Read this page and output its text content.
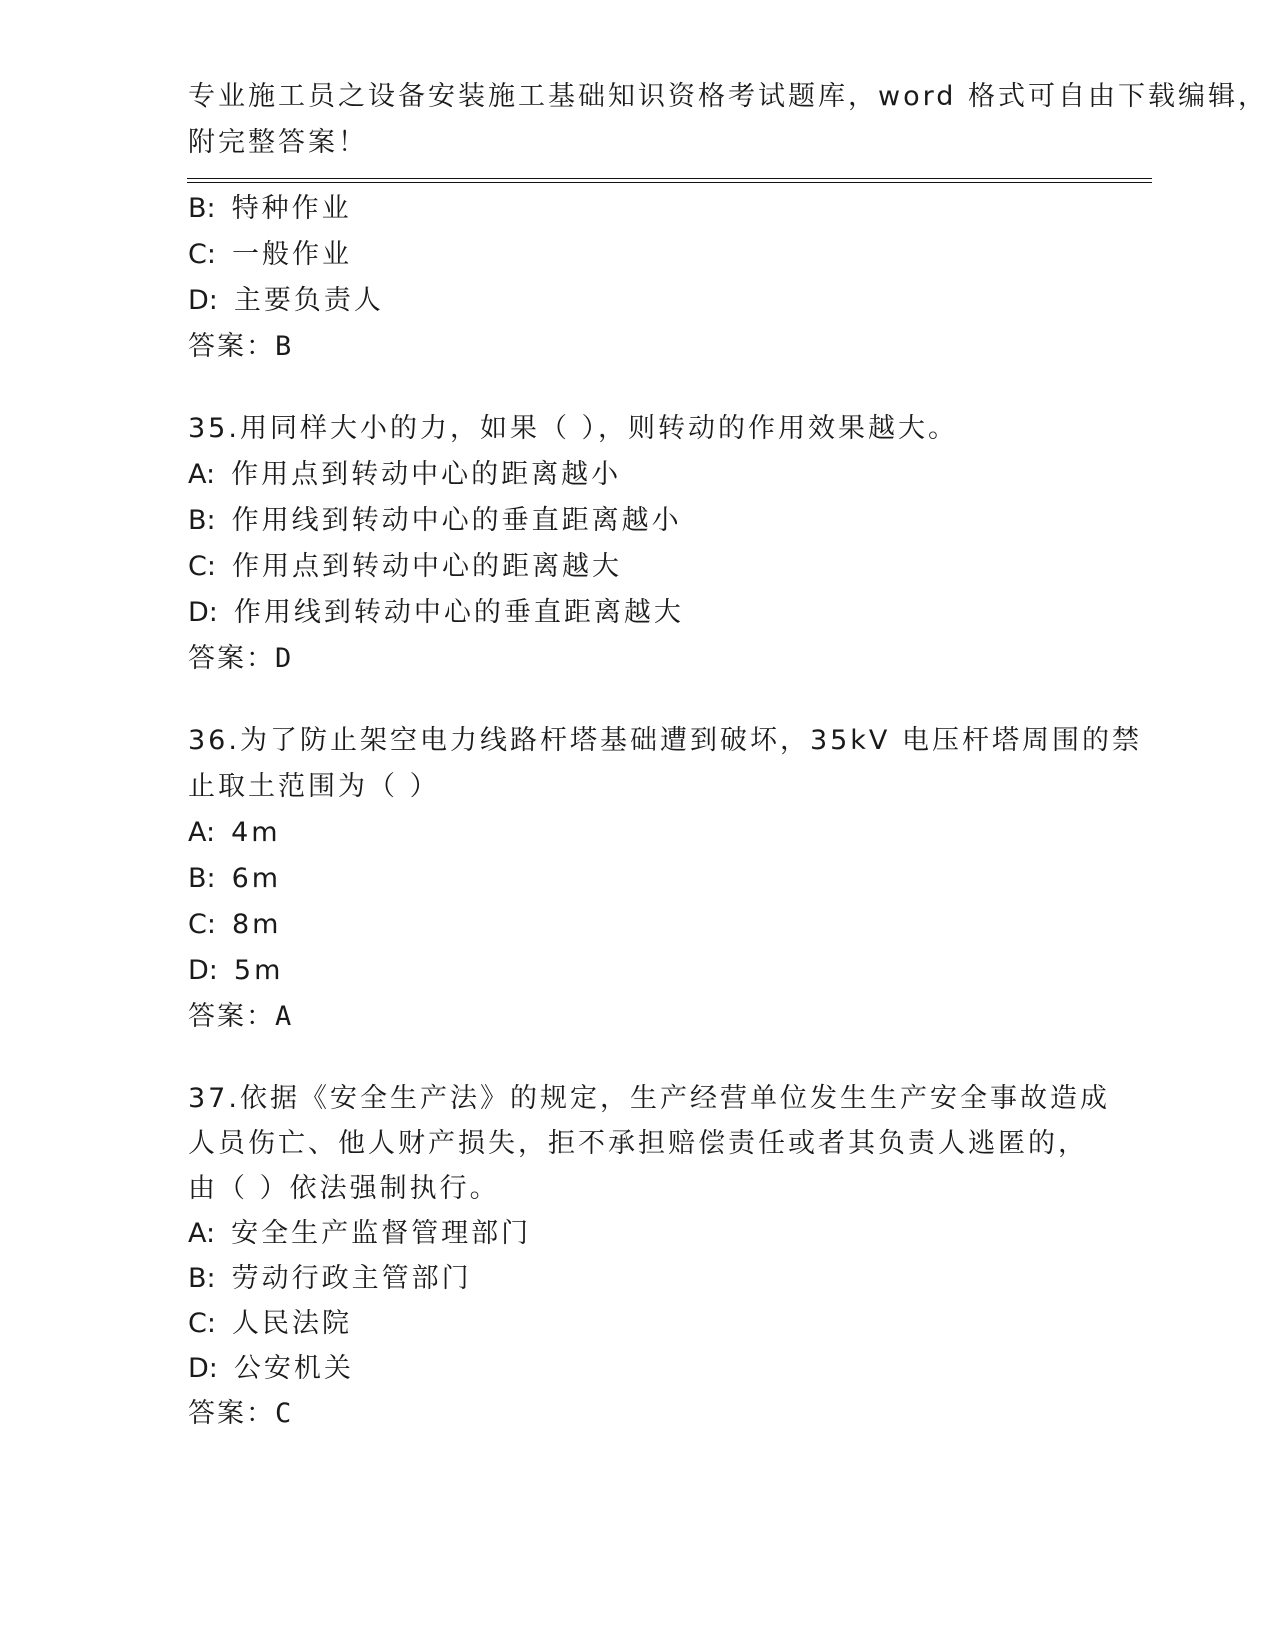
专业施工员之设备安装施工基础知识资格考试题库，word 格式可自由下载编辑，
附完整答案！
B: 特种作业
C: 一般作业
D: 主要负责人
答案：B
35.用同样大小的力，如果（ ），则转动的作用效果越大。
A: 作用点到转动中心的距离越小
B: 作用线到转动中心的垂直距离越小
C: 作用点到转动中心的距离越大
D: 作用线到转动中心的垂直距离越大
答案：D
36.为了防止架空电力线路杆塔基础遭到破坏，35kV 电压杆塔周围的禁
止取土范围为（ ）
A: 4m
B: 6m
C: 8m
D: 5m
答案：A
37.依据《安全生产法》的规定，生产经营单位发生生产安全事故造成
人员伤亡、他人财产损失，拒不承担赔偿责任或者其负责人逃匿的，
由（ ）依法强制执行。
A: 安全生产监督管理部门
B: 劳动行政主管部门
C: 人民法院
D: 公安机关
答案：C
